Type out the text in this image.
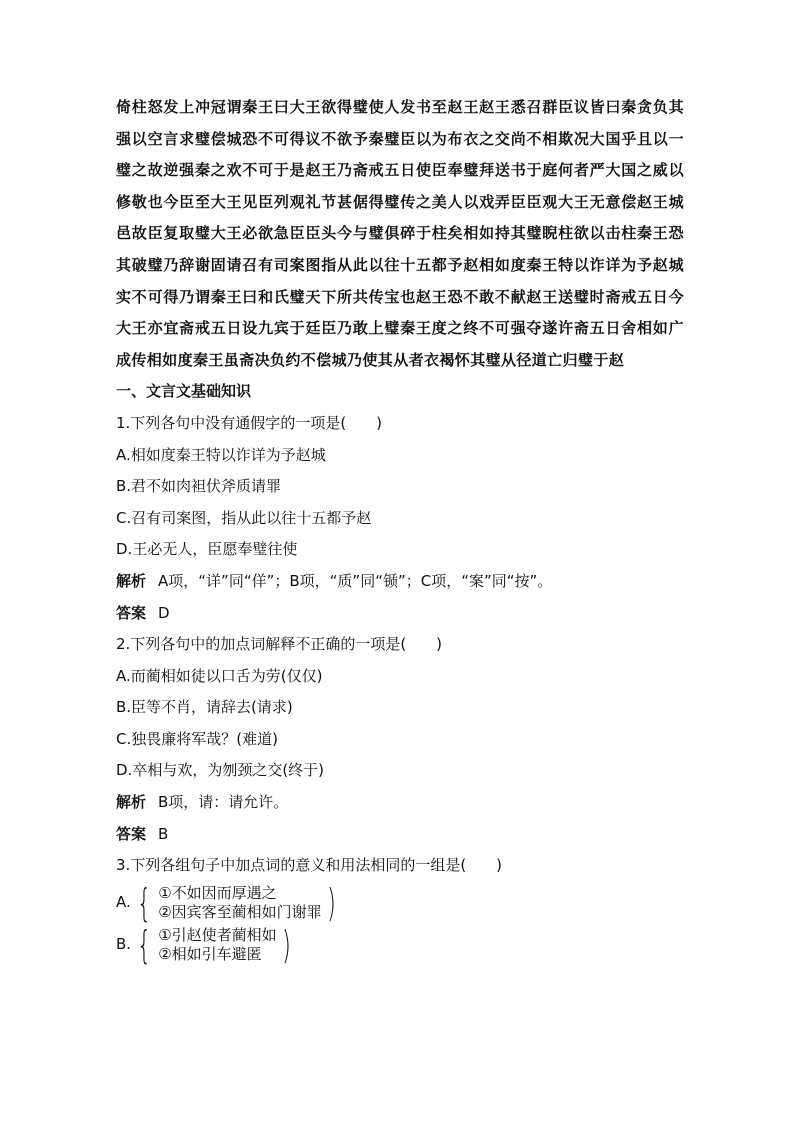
倚柱怒发上冲冠谓秦王曰大王欲得璧使人发书至赵王赵王悉召群臣议皆曰秦贪负其强以空言求璧偿城恐不可得议不欲予秦璧臣以为布衣之交尚不相欺况大国乎且以一璧之故逆强秦之欢不可于是赵王乃斋戒五日使臣奉璧拜送书于庭何者严大国之威以修敬也今臣至大王见臣列观礼节甚倨得璧传之美人以戏弄臣臣观大王无意偿赵王城邑故臣复取璧大王必欲急臣臣头今与璧俱碎于柱矣相如持其璧睨柱欲以击柱秦王恐其破璧乃辞谢固请召有司案图指从此以往十五都予赵相如度秦王特以诈详为予赵城实不可得乃谓秦王曰和氏璧天下所共传宝也赵王恐不敢不献赵王送璧时斋戒五日今大王亦宜斋戒五日设九宾于廷臣乃敢上璧秦王度之终不可强夺遂许斋五日舍相如广成传相如度秦王虽斋决负约不偿城乃使其从者衣褐怀其璧从径道亡归璧于赵

一、文言文基础知识

1.下列各句中没有通假字的一项是(　　)

A.相如度秦王特以诈详为予赵城

B.君不如肉袒伏斧质请罪

C.召有司案图，指从此以往十五都予赵

D.王必无人，臣愿奉璧往使

解析 A项，“详”同“佯”；B项，“质”同“锧”；C项，“案”同“按”。

答案 D

2.下列各句中的加点词解释不正确的一项是(　　)

A.而蔺相如徒以口舌为劳(仅仅)

B.臣等不肖，请辞去(请求)

C.独畏廉将军哉？(难道)

D.卒相与欢，为刎颈之交(终于)

解析 B项，请：请允许。

答案 B

3.下列各组句子中加点词的意义和用法相同的一组是(　　)

A. { ①不如因而厚遇之
②因宾客至蔺相如门谢罪 )
B. { ①引赵使者蔺相如
②相如引车避匿 )
